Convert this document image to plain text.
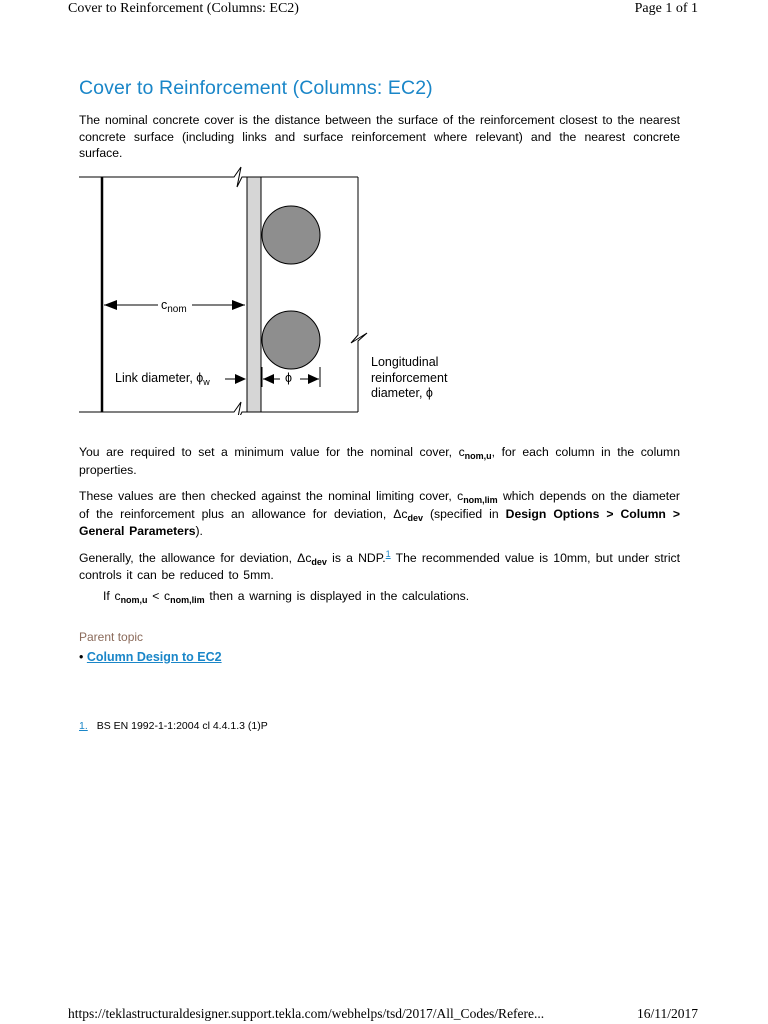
Cover to Reinforcement (Columns: EC2)	Page 1 of 1
Cover to Reinforcement (Columns: EC2)

The nominal concrete cover is the distance between the surface of the reinforcement closest to the nearest concrete surface (including links and surface reinforcement where relevant) and the nearest concrete surface.

$c_{nom}$
Link diameter, $\phi_w$	ϕ
Longitudinal
reinforcement
diameter, ϕ

You are required to set a minimum value for the nominal cover, $c_{nom,u}$, for each column in the column properties.

These values are then checked against the nominal limiting cover, $c_{nom,lim}$ which depends on the diameter of the reinforcement plus an allowance for deviation, $\Delta c_{dev}$ (specified in Design Options > Column > General Parameters).

Generally, the allowance for deviation, $\Delta c_{dev}$ is a NDP.$^1$ The recommended value is 10mm, but under strict controls it can be reduced to 5mm.

If $c_{nom,u} < c_{nom,lim}$ then a warning is displayed in the calculations.

Parent topic
• Column Design to EC2
1. BS EN 1992-1-1:2004 cl 4.4.1.3 (1)P
https://teklastructuraldesigner.support.tekla.com/webhelps/tsd/2017/All_Codes/Refere...	16/11/2017
